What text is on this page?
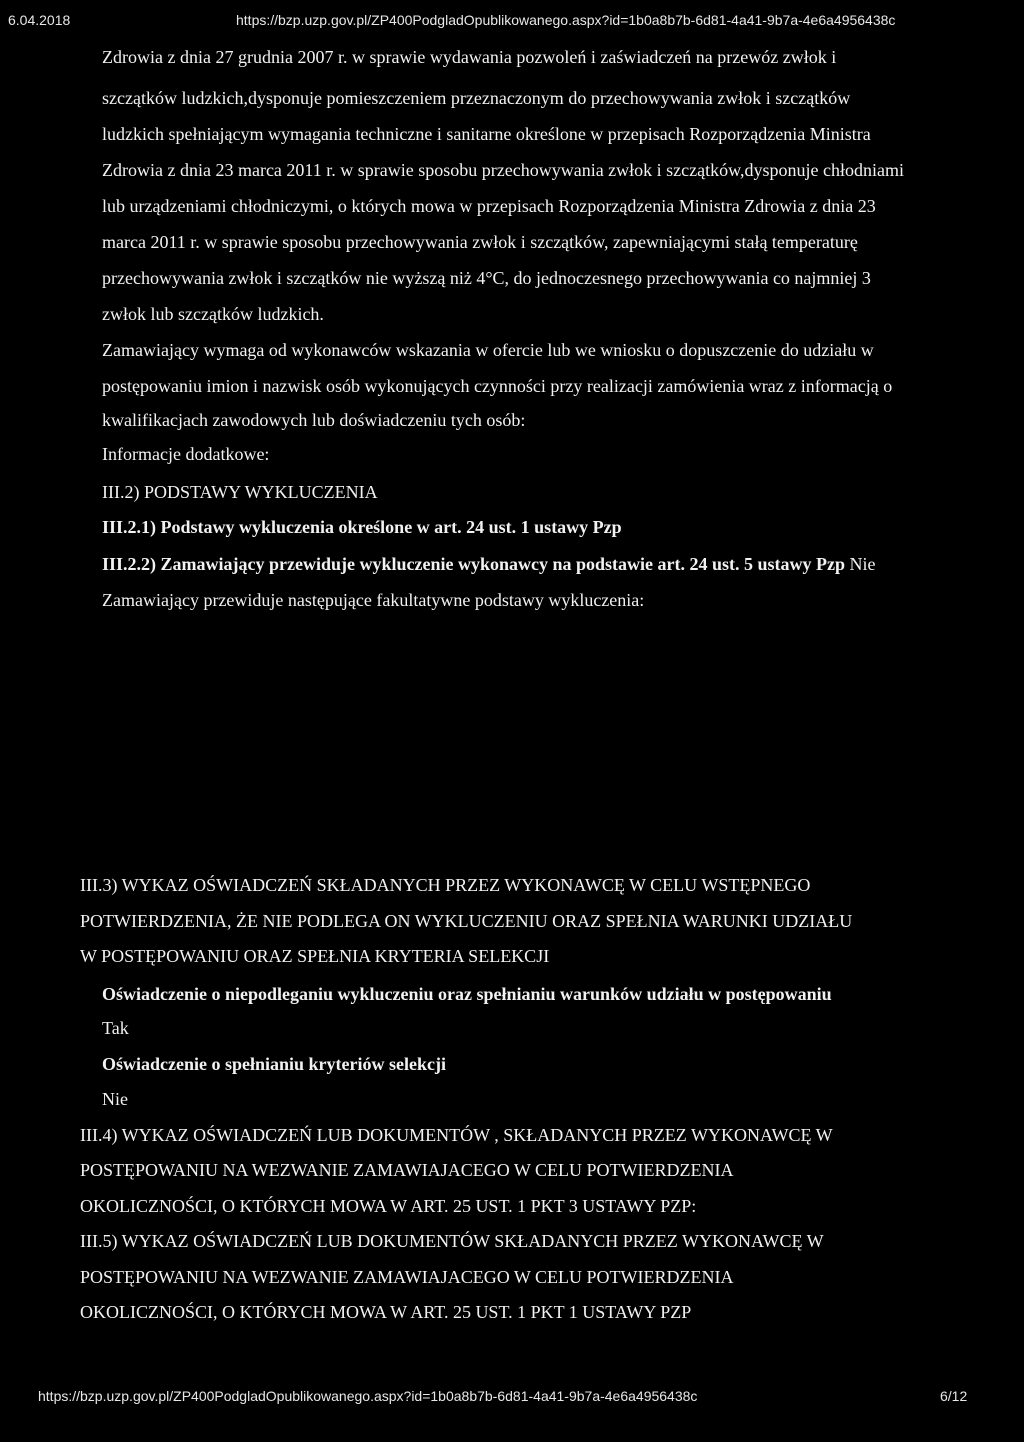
6.04.2018	https://bzp.uzp.gov.pl/ZP400PodgladOpublikowanego.aspx?id=1b0a8b7b-6d81-4a41-9b7a-4e6a4956438c
Zdrowia z dnia 27 grudnia 2007 r. w sprawie wydawania pozwoleń i zaświadczeń na przewóz zwłok i
szczątków ludzkich,dysponuje pomieszczeniem przeznaczonym do przechowywania zwłok i szczątków
ludzkich spełniającym wymagania techniczne i sanitarne określone w przepisach Rozporządzenia Ministra
Zdrowia z dnia 23 marca 2011 r. w sprawie sposobu przechowywania zwłok i szczątków,dysponuje chłodniami
lub urządzeniami chłodniczymi, o których mowa w przepisach Rozporządzenia Ministra Zdrowia z dnia 23
marca 2011 r. w sprawie sposobu przechowywania zwłok i szczątków, zapewniającymi stałą temperaturę
przechowywania zwłok i szczątków nie wyższą niż 4°C, do jednoczesnego przechowywania co najmniej 3
zwłok lub szczątków ludzkich.
Zamawiający wymaga od wykonawców wskazania w ofercie lub we wniosku o dopuszczenie do udziału w
postępowaniu imion i nazwisk osób wykonujących czynności przy realizacji zamówienia wraz z informacją o
kwalifikacjach zawodowych lub doświadczeniu tych osób:
Informacje dodatkowe:
III.2) PODSTAWY WYKLUCZENIA
III.2.1) Podstawy wykluczenia określone w art. 24 ust. 1 ustawy Pzp
III.2.2) Zamawiający przewiduje wykluczenie wykonawcy na podstawie art. 24 ust. 5 ustawy Pzp Nie
Zamawiający przewiduje następujące fakultatywne podstawy wykluczenia:
III.3) WYKAZ OŚWIADCZEŃ SKŁADANYCH PRZEZ WYKONAWCĘ W CELU WSTĘPNEGO
POTWIERDZENIA, ŻE NIE PODLEGA ON WYKLUCZENIU ORAZ SPEŁNIA WARUNKI UDZIAŁU
W POSTĘPOWANIU ORAZ SPEŁNIA KRYTERIA SELEKCJI
Oświadczenie o niepodleganiu wykluczeniu oraz spełnianiu warunków udziału w postępowaniu
Tak
Oświadczenie o spełnianiu kryteriów selekcji
Nie
III.4) WYKAZ OŚWIADCZEŃ LUB DOKUMENTÓW , SKŁADANYCH PRZEZ WYKONAWCĘ W
POSTĘPOWANIU NA WEZWANIE ZAMAWIAJACEGO W CELU POTWIERDZENIA
OKOLICZNOŚCI, O KTÓRYCH MOWA W ART. 25 UST. 1 PKT 3 USTAWY PZP:
III.5) WYKAZ OŚWIADCZEŃ LUB DOKUMENTÓW SKŁADANYCH PRZEZ WYKONAWCĘ W
POSTĘPOWANIU NA WEZWANIE ZAMAWIAJACEGO W CELU POTWIERDZENIA
OKOLICZNOŚCI, O KTÓRYCH MOWA W ART. 25 UST. 1 PKT 1 USTAWY PZP
https://bzp.uzp.gov.pl/ZP400PodgladOpublikowanego.aspx?id=1b0a8b7b-6d81-4a41-9b7a-4e6a4956438c	6/12
